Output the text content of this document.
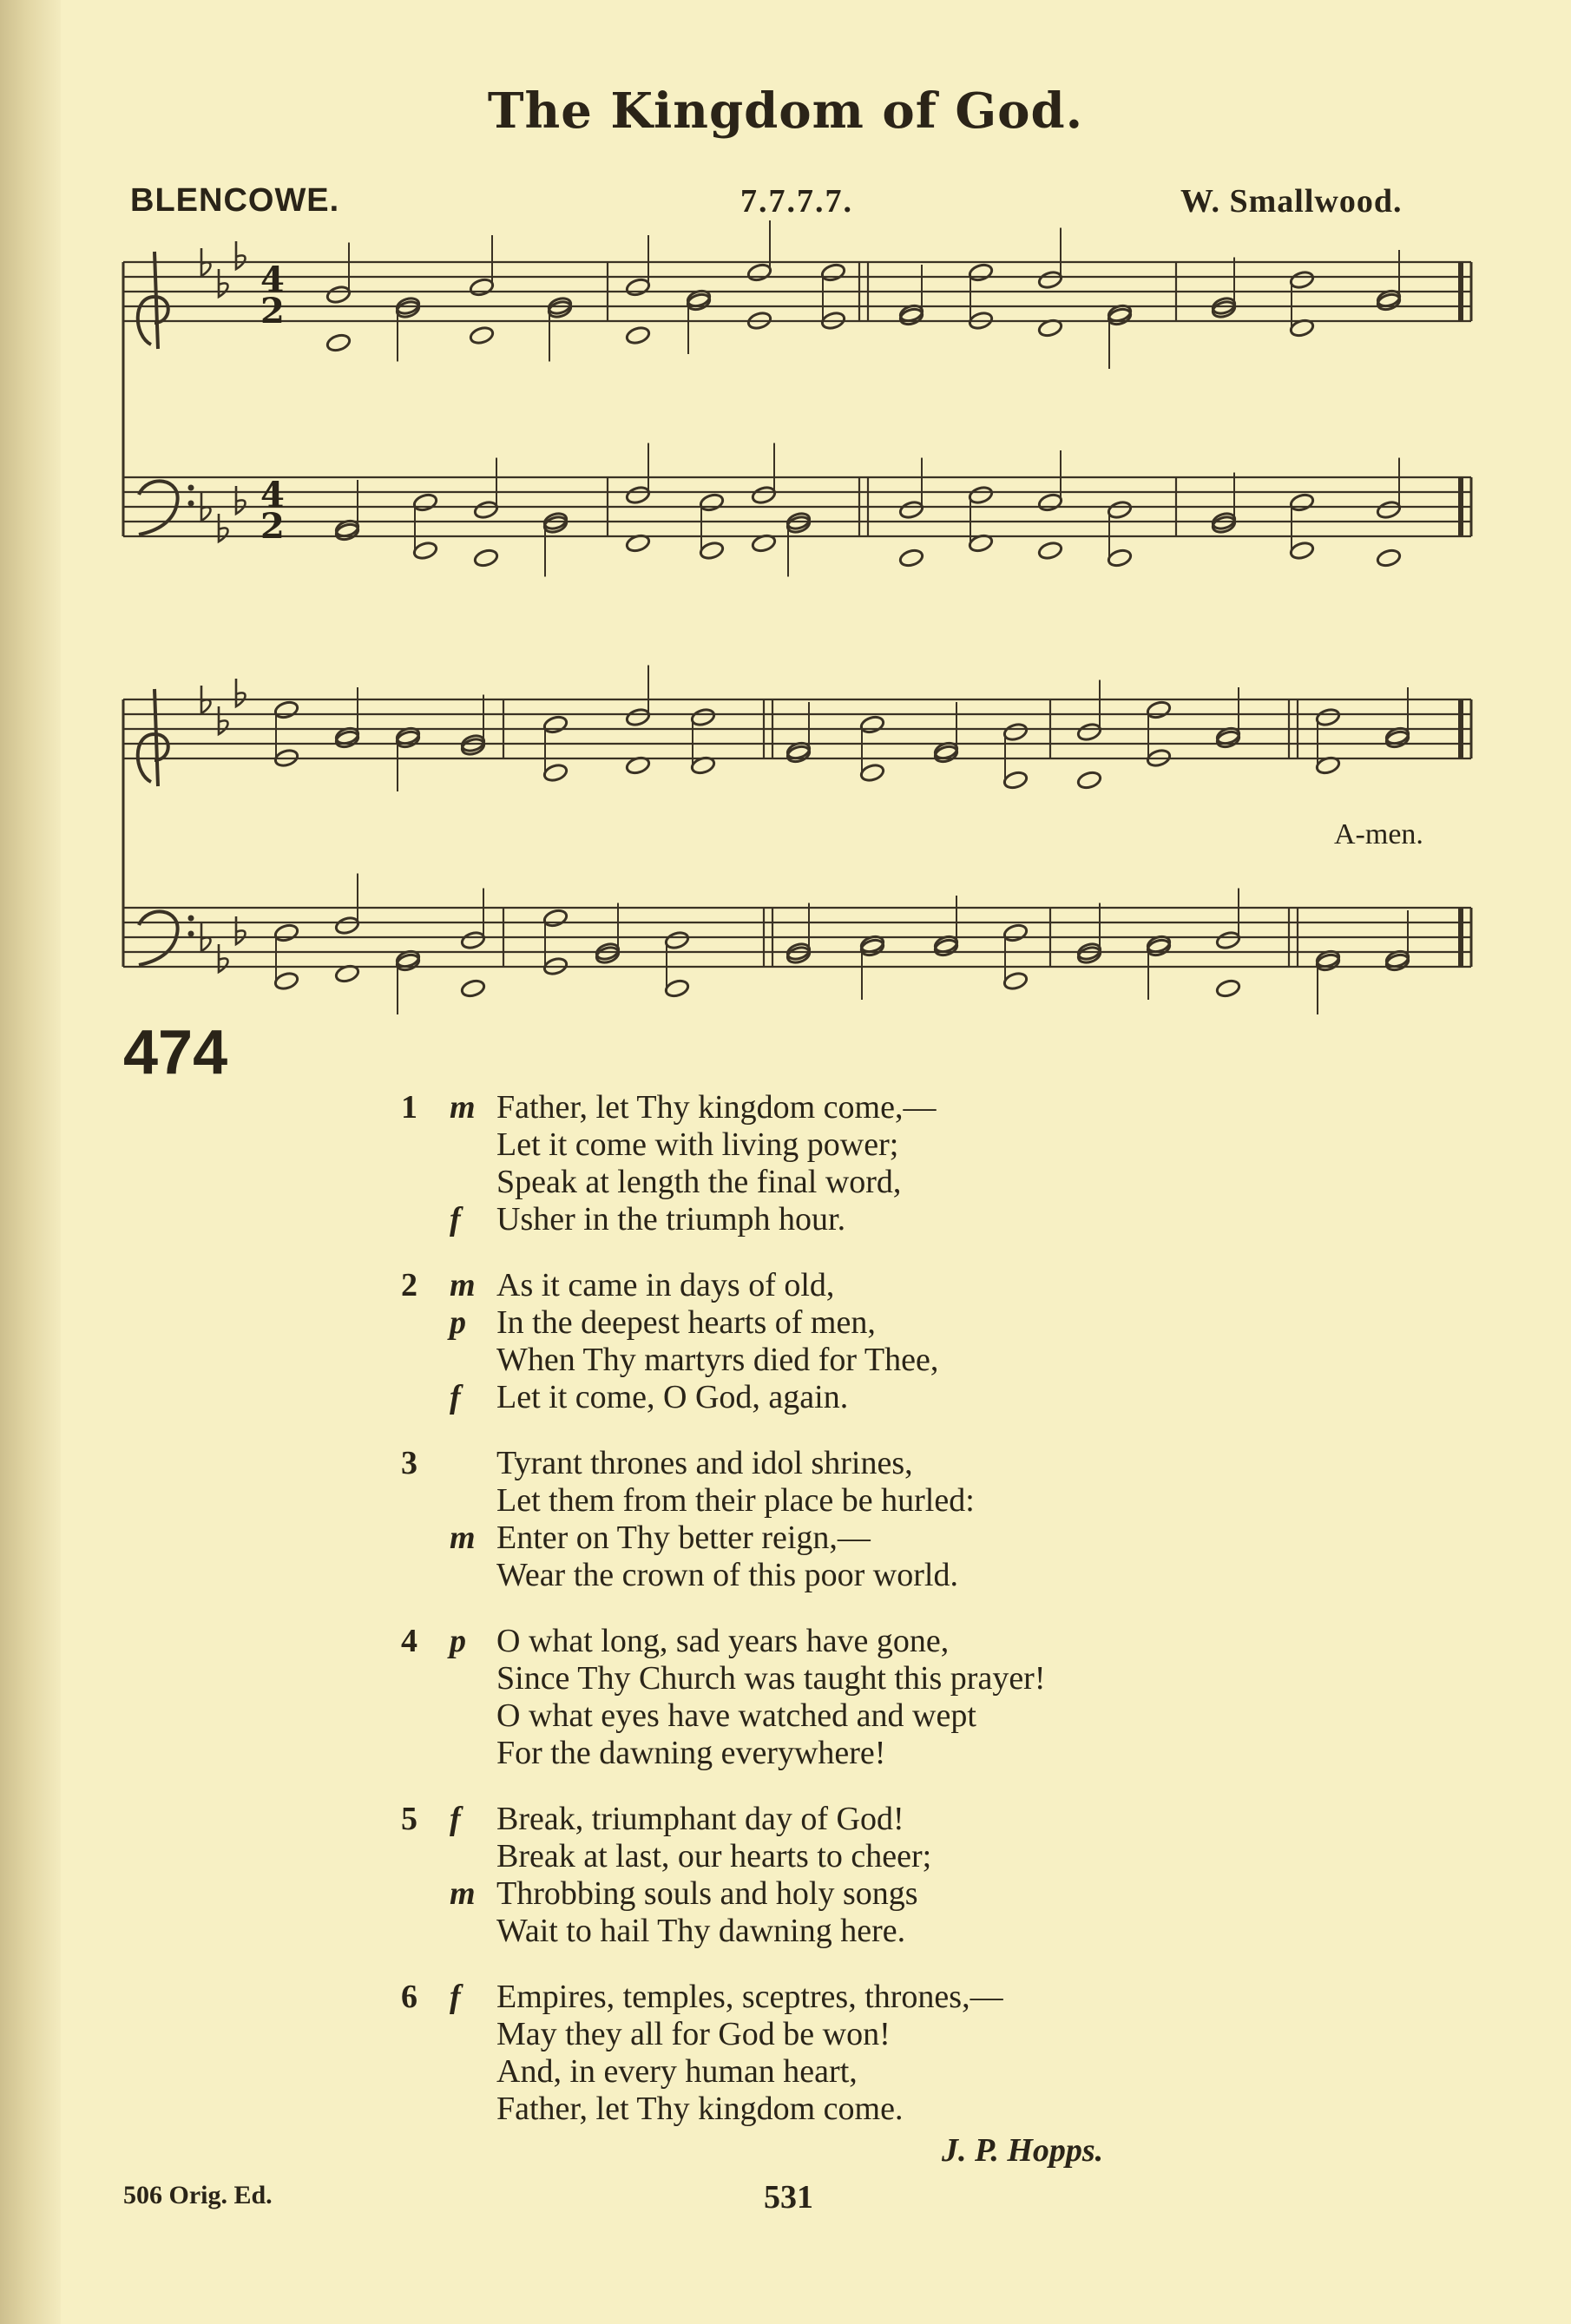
The Kingdom of God.
BLENCOWE.	7.7.7.7.	W. Smallwood.
4
2
4
2
A-men.
474
1 m Father, let Thy kingdom come,—
Let it come with living power;
Speak at length the final word,
f Usher in the triumph hour.
2 m As it came in days of old,
p In the deepest hearts of men,
When Thy martyrs died for Thee,
f Let it come, O God, again.
3 Tyrant thrones and idol shrines,
Let them from their place be hurled:
m Enter on Thy better reign,—
Wear the crown of this poor world.
4 p O what long, sad years have gone,
Since Thy Church was taught this prayer!
O what eyes have watched and wept
For the dawning everywhere!
5 f Break, triumphant day of God!
Break at last, our hearts to cheer;
m Throbbing souls and holy songs
Wait to hail Thy dawning here.
6 f Empires, temples, sceptres, thrones,—
May they all for God be won!
And, in every human heart,
Father, let Thy kingdom come.
J. P. Hopps.
506 Orig. Ed.	531
